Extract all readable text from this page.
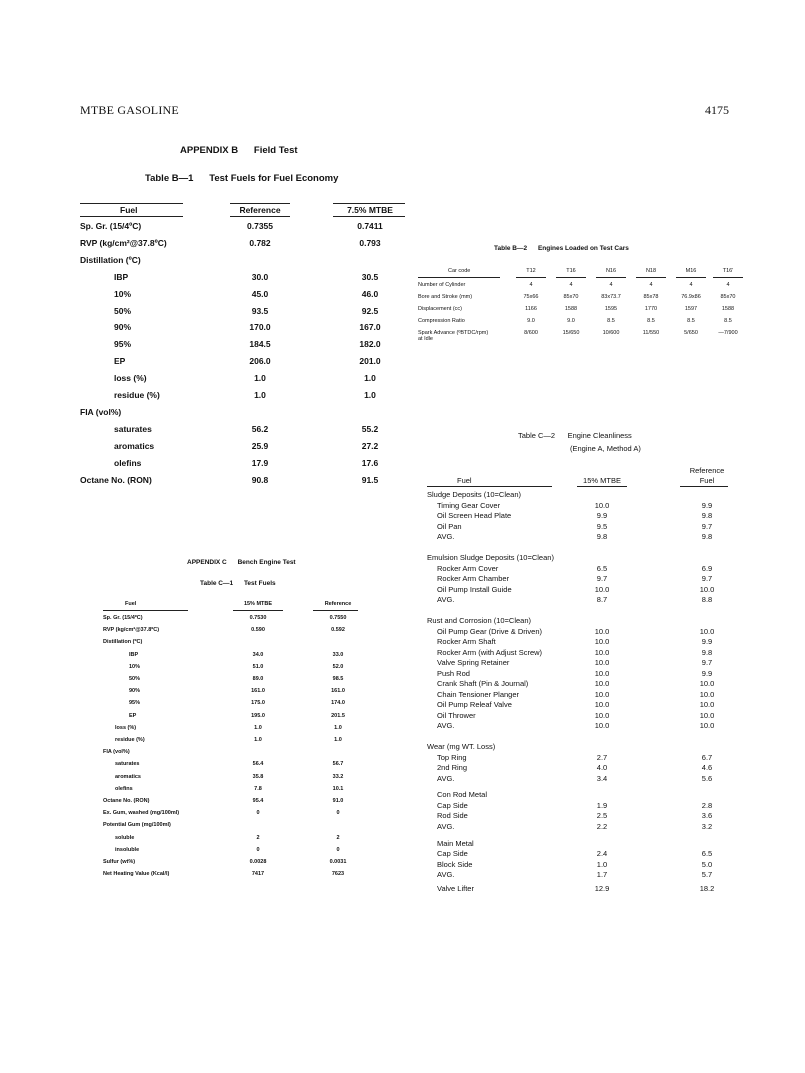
MTBE GASOLINE	4175
APPENDIX B      Field Test
Table B—1      Test Fuels for Fuel Economy
Fuel	Reference	7.5% MTBE
Sp. Gr. (15/4ºC)	0.7355	0.7411
RVP (kg/cm²@37.8ºC)	0.782	0.793
Distillation (ºC)
IBP	30.0	30.5
10%	45.0	46.0
50%	93.5	92.5
90%	170.0	167.0
95%	184.5	182.0
EP	206.0	201.0
loss (%)	1.0	1.0
residue (%)	1.0	1.0
FIA (vol%)
saturates	56.2	55.2
aromatics	25.9	27.2
olefins	17.9	17.6
Octane No. (RON)	90.8	91.5
Table B—2      Engines Loaded on Test Cars
Car code	T12	T16	N16	N18	M16	T16'
Number of Cylinder	4	4	4	4	4	4
Bore and Stroke (mm)	75x66	85x70	83x73.7	85x78	76.9x86	85x70
Displacement (cc)	1166	1588	1595	1770	1597	1588
Compression Ratio	9.0	9.0	8.5	8.5	8.5	8.5
Spark Advance (ºBTDC/rpm)
at Idle
8/600	15/650	10/600	11/550	5/650	—7/900
APPENDIX C      Bench Engine Test
Table C—1      Test Fuels
Fuel	15% MTBE	Reference
Sp. Gr. (15/4ºC)	0.7530	0.7550
RVP (kg/cm²@37.8ºC)	0.590	0.592
Distillation (ºC)
IBP	34.0	33.0
10%	51.0	52.0
50%	89.0	98.5
90%	161.0	161.0
95%	175.0	174.0
EP	195.0	201.5
loss (%)	1.0	1.0
residue (%)	1.0	1.0
FIA (vol%)
saturates	56.4	56.7
aromatics	35.8	33.2
olefins	7.8	10.1
Octane No. (RON)	95.4	91.0
Ex. Gum, washed (mg/100ml)	0	0
Potential Gum (mg/100ml)
soluble	2	2
insoluble	0	0
Sulfur (wt%)	0.0028	0.0031
Net Heating Value (Kcal/l)	7417	7623
Table C—2      Engine Cleanliness
(Engine A, Method A)
Reference
Fuel	15% MTBE	Fuel
Sludge Deposits (10=Clean)
Timing Gear Cover	10.0	9.9
Oil Screen Head Plate	9.9	9.8
Oil Pan	9.5	9.7
AVG.	9.8	9.8
Emulsion Sludge Deposits (10=Clean)
Rocker Arm Cover	6.5	6.9
Rocker Arm Chamber	9.7	9.7
Oil Pump Install Guide	10.0	10.0
AVG.	8.7	8.8
Rust and Corrosion (10=Clean)
Oil Pump Gear (Drive & Driven)	10.0	10.0
Rocker Arm Shaft	10.0	9.9
Rocker Arm (with Adjust Screw)	10.0	9.8
Valve Spring Retainer	10.0	9.7
Push Rod	10.0	9.9
Crank Shaft (Pin & Journal)	10.0	10.0
Chain Tensioner Planger	10.0	10.0
Oil Pump Releaf Valve	10.0	10.0
Oil Thrower	10.0	10.0
AVG.	10.0	10.0
Wear (mg WT. Loss)
Top Ring	2.7	6.7
2nd Ring	4.0	4.6
AVG.	3.4	5.6
Con Rod Metal
Cap Side	1.9	2.8
Rod Side	2.5	3.6
AVG.	2.2	3.2
Main Metal
Cap Side	2.4	6.5
Block Side	1.0	5.0
AVG.	1.7	5.7
Valve Lifter	12.9	18.2
